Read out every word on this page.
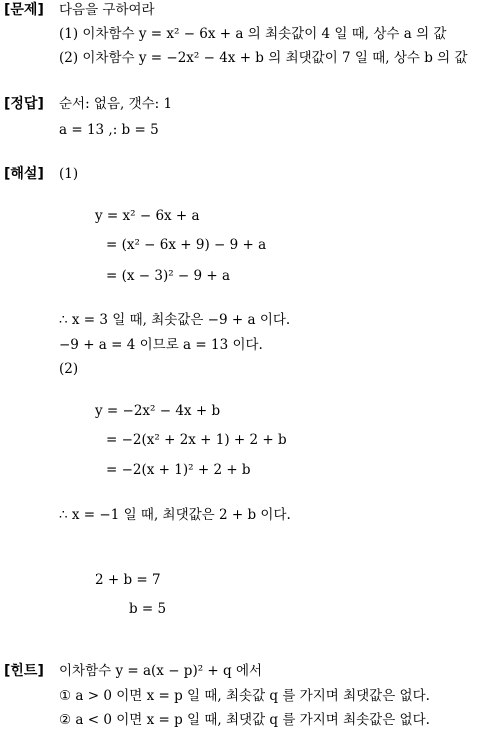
[문제] 다음을 구하여라
(1) 이차함수 y = x² − 6x + a 의 최솟값이 4 일 때, 상수 a 의 값
(2) 이차함수 y = −2x² − 4x + b 의 최댓값이 7 일 때, 상수 b 의 값
[정답] 순서: 없음, 갯수: 1
a = 13 ,: b = 5
[해설] (1)
y = x² − 6x + a
= (x² − 6x + 9) − 9 + a
= (x − 3)² − 9 + a
∴ x = 3 일 때, 최솟값은 −9 + a 이다.
−9 + a = 4 이므로 a = 13 이다.
(2)
y = −2x² − 4x + b
= −2(x² + 2x + 1) + 2 + b
= −2(x + 1)² + 2 + b
∴ x = −1 일 때, 최댓값은 2 + b 이다.
2 + b = 7
b = 5
[힌트] 이차함수 y = a(x − p)² + q 에서
① a > 0 이면 x = p 일 때, 최솟값 q 를 가지며 최댓값은 없다.
② a < 0 이면 x = p 일 때, 최댓값 q 를 가지며 최솟값은 없다.
